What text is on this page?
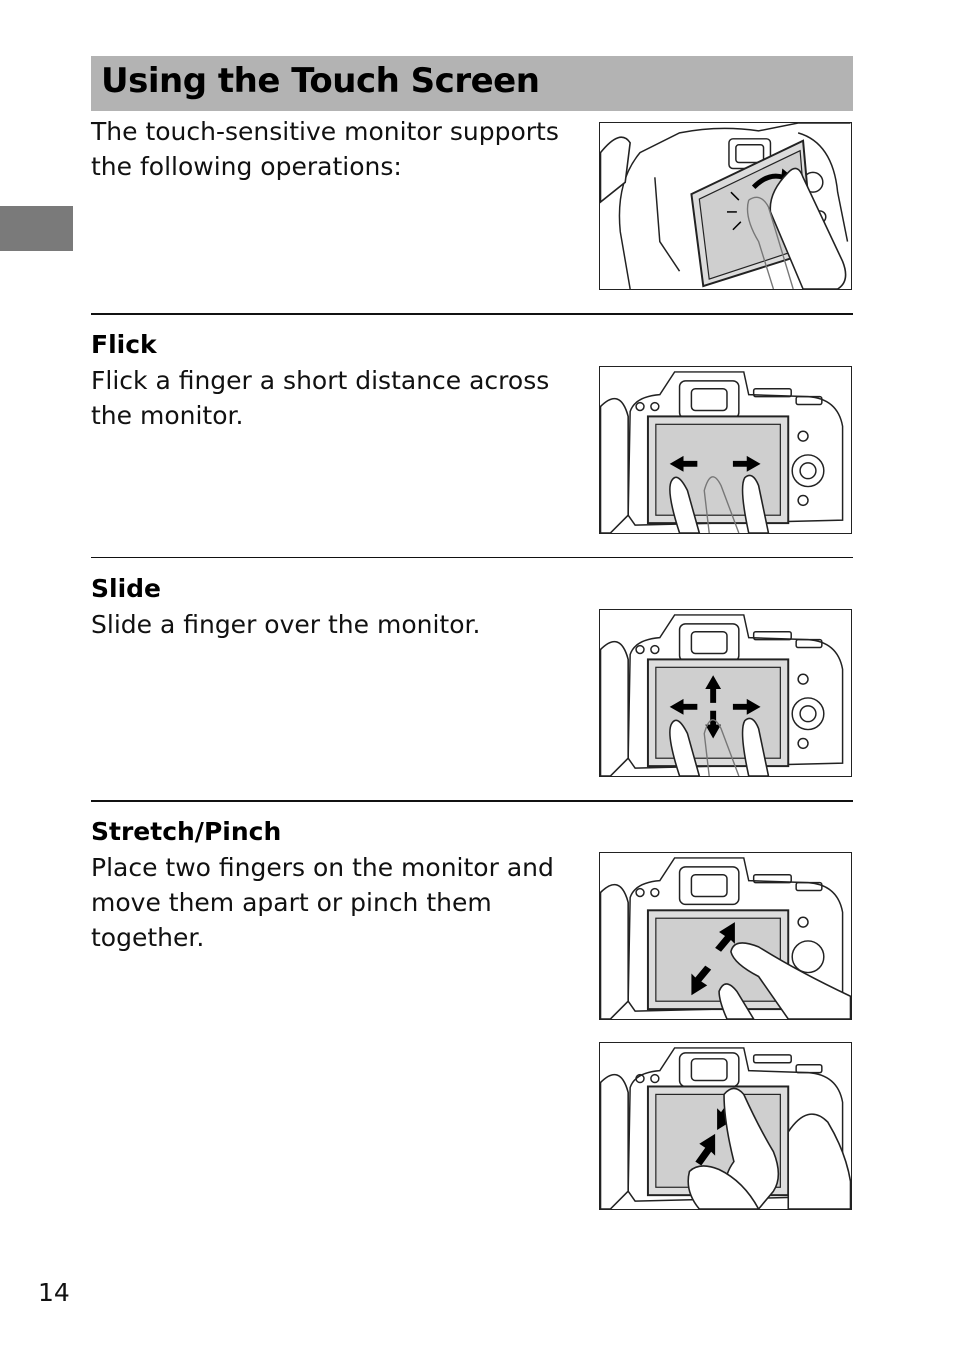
Using the Touch Screen

The touch-sensitive monitor supports the following operations:

Flick

Flick a finger a short distance across the monitor.

Slide

Slide a finger over the monitor.

Stretch/Pinch

Place two fingers on the monitor and move them apart or pinch them together.

14
